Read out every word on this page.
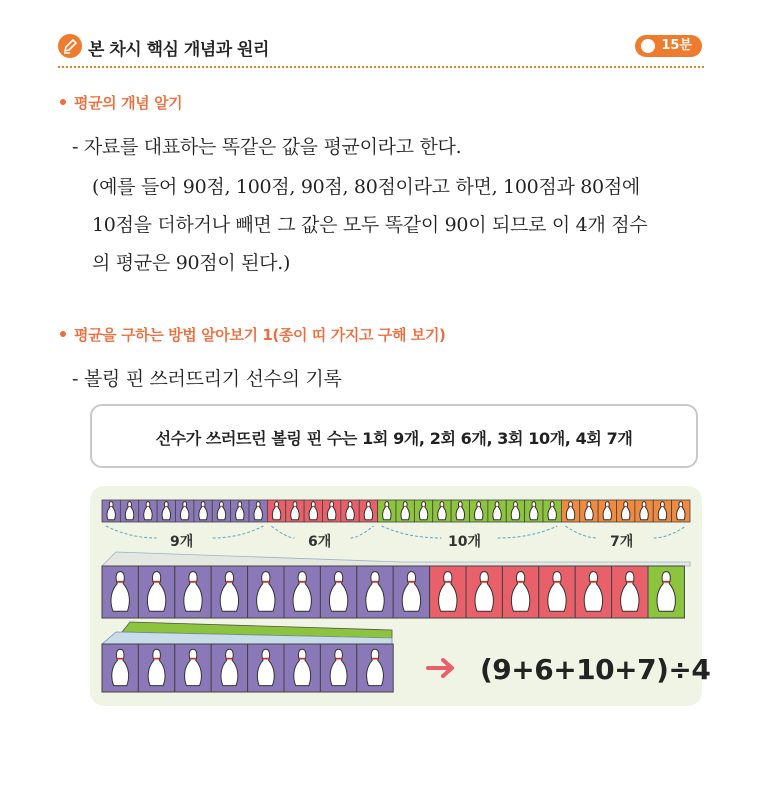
본 차시 핵심 개념과 원리	15분
평균의 개념 알기
- 자료를 대표하는 똑같은 값을 평균이라고 한다.
(예를 들어 90점, 100점, 90점, 80점이라고 하면, 100점과 80점에
10점을 더하거나 빼면 그 값은 모두 똑같이 90이 되므로 이 4개 점수
의 평균은 90점이 된다.)
평균을 구하는 방법 알아보기 1(종이 띠 가지고 구해 보기)
- 볼링 핀 쓰러뜨리기 선수의 기록
선수가 쓰러뜨린 볼링 핀 수는 1회 9개, 2회 6개, 3회 10개, 4회 7개
9개	6개	10개	7개
(9+6+10+7)÷4
